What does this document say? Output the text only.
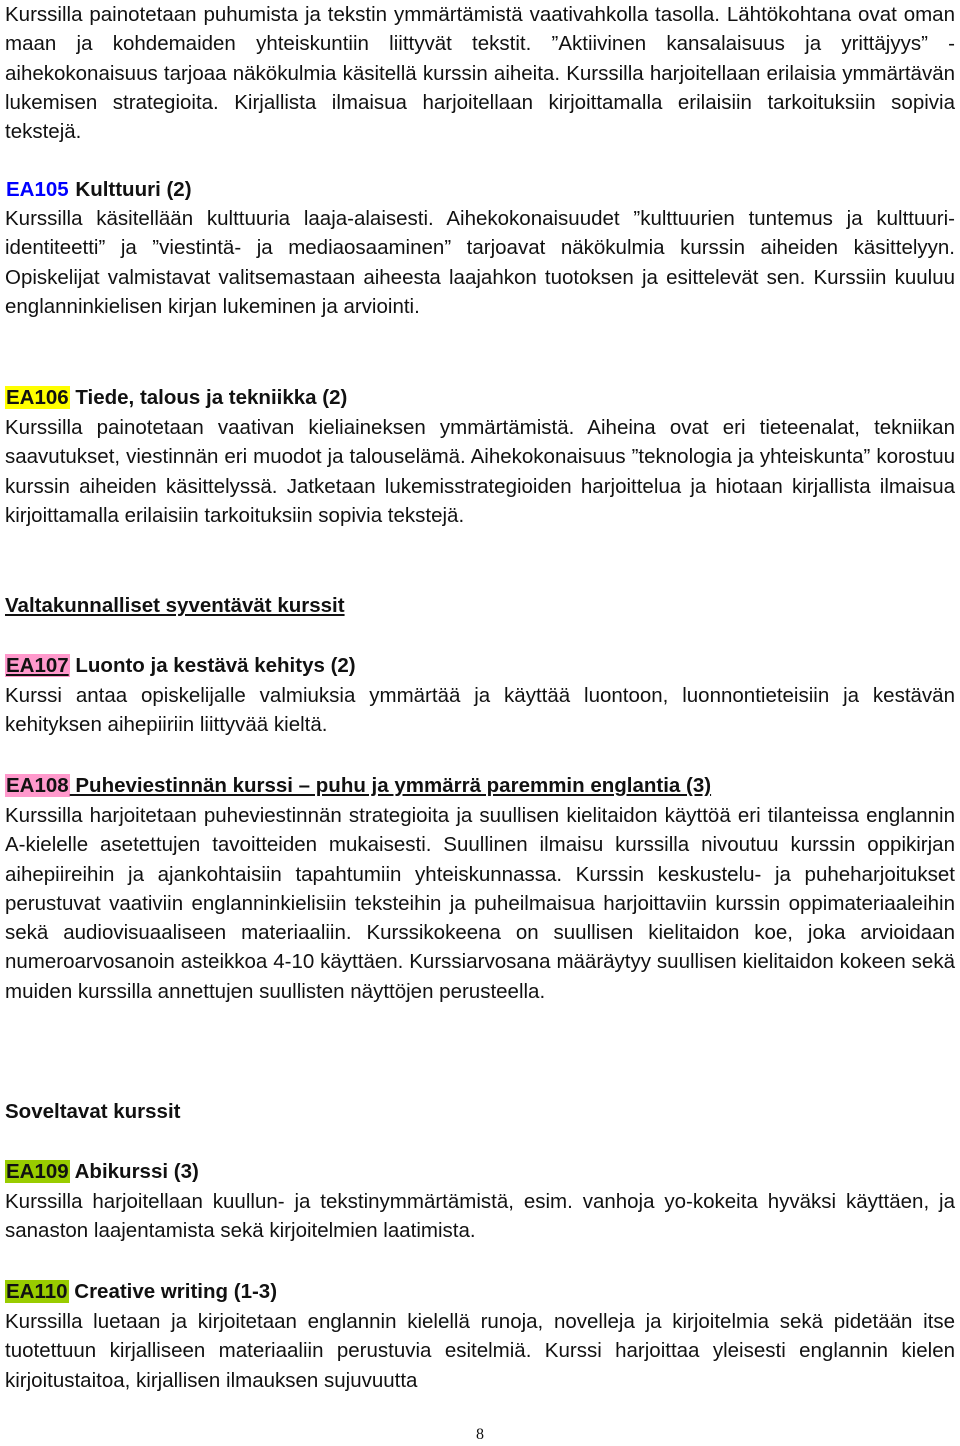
Kurssilla painotetaan puhumista ja tekstin ymmärtämistä vaativahkolla tasolla. Lähtökohtana ovat oman maan ja kohdemaiden yhteiskuntiin liittyvät tekstit. ”Aktiivinen kansalaisuus ja yrittäjyys” -aihekokonaisuus tarjoaa näkökulmia käsitellä kurssin aiheita. Kurssilla harjoitellaan erilaisia ymmärtävän lukemisen strategioita. Kirjallista ilmaisua harjoitellaan kirjoittamalla erilaisiin tarkoituksiin sopivia tekstejä.

EA105 Kulttuuri (2)

Kurssilla käsitellään kulttuuria laaja-alaisesti. Aihekokonaisuudet ”kulttuurien tuntemus ja kulttuuri-identiteetti” ja ”viestintä- ja mediaosaaminen” tarjoavat näkökulmia kurssin aiheiden käsittelyyn. Opiskelijat valmistavat valitsemastaan aiheesta laajahkon tuotoksen ja esittelevät sen. Kurssiin kuuluu englanninkielisen kirjan lukeminen ja arviointi.

EA106 Tiede, talous ja tekniikka (2)

Kurssilla painotetaan vaativan kieliaineksen ymmärtämistä. Aiheina ovat eri tieteenalat, tekniikan saavutukset, viestinnän eri muodot ja talouselämä. Aihekokonaisuus ”teknologia ja yhteiskunta” korostuu kurssin aiheiden käsittelyssä. Jatketaan lukemisstrategioiden harjoittelua ja hiotaan kirjallista ilmaisua kirjoittamalla erilaisiin tarkoituksiin sopivia tekstejä.

Valtakunnalliset syventävät kurssit

EA107 Luonto ja kestävä kehitys (2)

Kurssi antaa opiskelijalle valmiuksia ymmärtää ja käyttää luontoon, luonnontieteisiin ja kestävän kehityksen aihepiiriin liittyvää kieltä.

EA108 Puheviestinnän kurssi – puhu ja ymmärrä paremmin englantia (3)

Kurssilla harjoitetaan puheviestinnän strategioita ja suullisen kielitaidon käyttöä eri tilanteissa englannin A-kielelle asetettujen tavoitteiden mukaisesti. Suullinen ilmaisu kurssilla nivoutuu kurssin oppikirjan aihepiireihin ja ajankohtaisiin tapahtumiin yhteiskunnassa. Kurssin keskustelu- ja puheharjoitukset perustuvat vaativiin englanninkielisiin teksteihin ja puheilmaisua harjoittaviin kurssin oppimateriaaleihin sekä audiovisuaaliseen materiaaliin. Kurssikokeena on suullisen kielitaidon koe, joka arvioidaan numeroarvosanoin asteikkoa 4-10 käyttäen. Kurssiarvosana määräytyy suullisen kielitaidon kokeen sekä muiden kurssilla annettujen suullisten näyttöjen perusteella.

Soveltavat kurssit

EA109 Abikurssi (3)

Kurssilla harjoitellaan kuullun- ja tekstinymmärtämistä, esim. vanhoja yo-kokeita hyväksi käyttäen, ja sanaston laajentamista sekä kirjoitelmien laatimista.

EA110 Creative writing (1-3)

Kurssilla luetaan ja kirjoitetaan englannin kielellä runoja, novelleja ja kirjoitelmia sekä pidetään itse tuotettuun kirjalliseen materiaaliin perustuvia esitelmiä. Kurssi harjoittaa yleisesti englannin kielen kirjoitustaitoa, kirjallisen ilmauksen sujuvuutta

8
